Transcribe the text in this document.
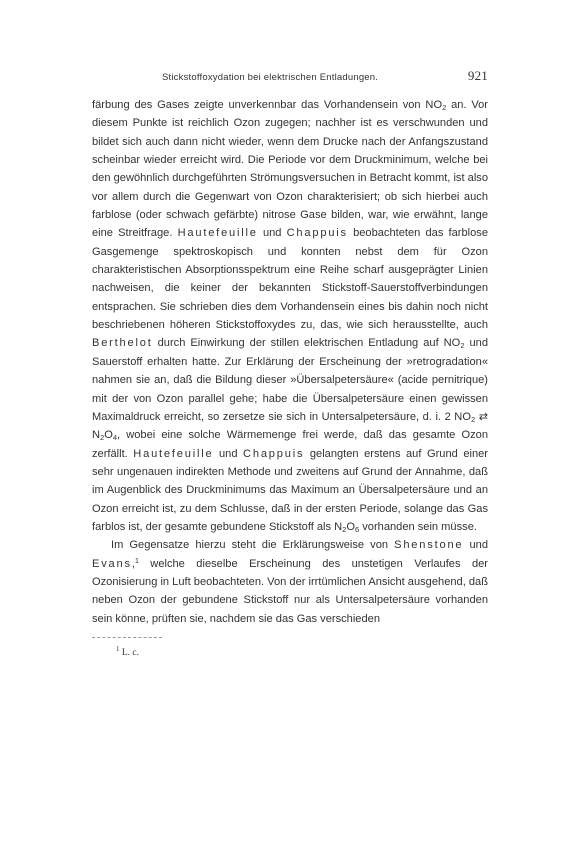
Stickstoffoxydation bei elektrischen Entladungen.	921

färbung des Gases zeigte unverkennbar das Vorhandensein von $NO_2$ an. Vor diesem Punkte ist reichlich Ozon zugegen; nachher ist es verschwunden und bildet sich auch dann nicht wieder, wenn dem Drucke nach der Anfangszustand scheinbar wieder erreicht wird. Die Periode vor dem Druckminimum, welche bei den gewöhnlich durchgeführten Strömungsversuchen in Betracht kommt, ist also vor allem durch die Gegenwart von Ozon charakterisiert; ob sich hierbei auch farblose (oder schwach gefärbte) nitrose Gase bilden, war, wie erwähnt, lange eine Streitfrage. Hautefeuille und Chappuis beobachteten das farblose Gasgemenge spektroskopisch und konnten nebst dem für Ozon charakteristischen Absorptionsspektrum eine Reihe scharf ausgeprägter Linien nachweisen, die keiner der bekannten Stickstoff-Sauerstoffverbindungen entsprachen. Sie schrieben dies dem Vorhandensein eines bis dahin noch nicht beschriebenen höheren Stickstoffoxydes zu, das, wie sich herausstellte, auch Berthelot durch Einwirkung der stillen elektrischen Entladung auf $NO_2$ und Sauerstoff erhalten hatte. Zur Erklärung der Erscheinung der »retrogradation« nahmen sie an, daß die Bildung dieser »Übersalpetersäure« (acide pernitrique) mit der von Ozon parallel gehe; habe die Übersalpetersäure einen gewissen Maximaldruck erreicht, so zersetze sie sich in Untersalpetersäure, d. i. 2 $NO_2$ ⇄ $N_2O_4$, wobei eine solche Wärmemenge frei werde, daß das gesamte Ozon zerfällt. Hautefeuille und Chappuis gelangten erstens auf Grund einer sehr ungenauen indirekten Methode und zweitens auf Grund der Annahme, daß im Augenblick des Druckminimums das Maximum an Übersalpetersäure und an Ozon erreicht ist, zu dem Schlusse, daß in der ersten Periode, solange das Gas farblos ist, der gesamte gebundene Stickstoff als $N_2O_6$ vorhanden sein müsse.

Im Gegensatze hierzu steht die Erklärungsweise von Shenstone und Evans,$^1$ welche dieselbe Erscheinung des unstetigen Verlaufes der Ozonisierung in Luft beobachteten. Von der irrtümlichen Ansicht ausgehend, daß neben Ozon der gebundene Stickstoff nur als Untersalpetersäure vorhanden sein könne, prüften sie, nachdem sie das Gas verschieden

$^1$ L. c.
